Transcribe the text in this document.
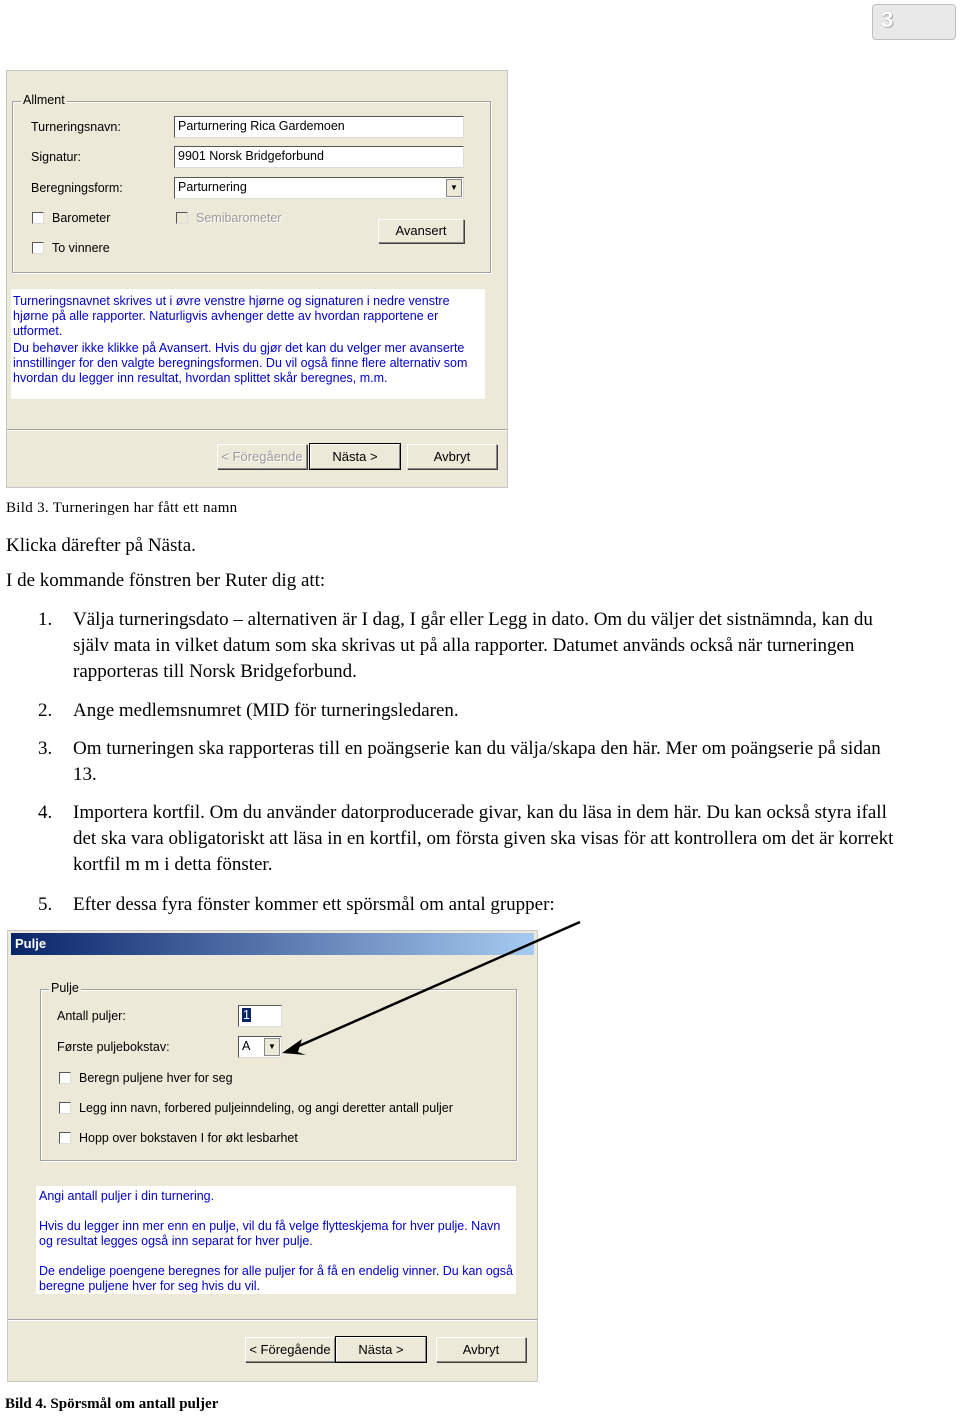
3
Allment
Turneringsnavn:	Parturnering Rica Gardemoen
Signatur:	9901 Norsk Bridgeforbund
Beregningsform:	Parturnering	▼
Barometer	Semibarometer
To vinnere
Avansert
Turneringsnavnet skrives ut i øvre venstre hjørne og signaturen i nedre venstre hjørne på alle rapporter. Naturligvis avhenger dette av hvordan rapportene er utformet.
Du behøver ikke klikke på Avansert. Hvis du gjør det kan du velger mer avanserte innstillinger for den valgte beregningsformen. Du vil også finne flere alternativ som hvordan du legger inn resultat, hvordan splittet skår beregnes, m.m.
< Föregående	Nästa >	Avbryt
Bild 3. Turneringen har fått ett namn
Klicka därefter på Nästa.
I de kommande fönstren ber Ruter dig att:
1. Välja turneringsdato – alternativen är I dag, I går eller Legg in dato. Om du väljer det sistnämnda, kan du själv mata in vilket datum som ska skrivas ut på alla rapporter. Datumet används också när turneringen rapporteras till Norsk Bridgeforbund.
2. Ange medlemsnumret (MID för turneringsledaren.
3. Om turneringen ska rapporteras till en poängserie kan du välja/skapa den här. Mer om poängserie på sidan 13.
4. Importera kortfil. Om du använder datorproducerade givar, kan du läsa in dem här. Du kan också styra ifall det ska vara obligatoriskt att läsa in en kortfil, om första given ska visas för att kontrollera om det är korrekt kortfil m m i detta fönster.
5. Efter dessa fyra fönster kommer ett spörsmål om antal grupper:
Pulje
Pulje
Antall puljer:	1
Første puljebokstav:	A	▼
Beregn puljene hver for seg
Legg inn navn, forbered puljeinndeling, og angi deretter antall puljer
Hopp over bokstaven I for økt lesbarhet
Angi antall puljer i din turnering.
Hvis du legger inn mer enn en pulje, vil du få velge flytteskjema for hver pulje. Navn og resultat legges også inn separat for hver pulje.
De endelige poengene beregnes for alle puljer for å få en endelig vinner. Du kan også beregne puljene hver for seg hvis du vil.
< Föregående	Nästa >	Avbryt
Bild 4. Spörsmål om antall puljer
